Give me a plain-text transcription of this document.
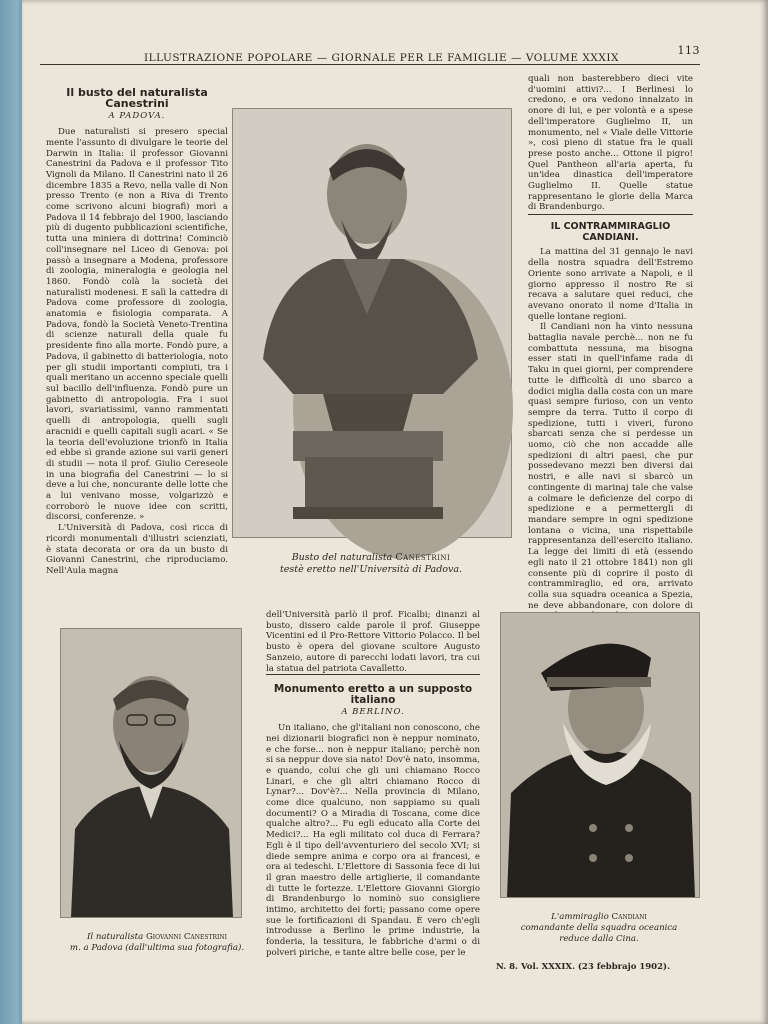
ILLUSTRAZIONE POPOLARE — GIORNALE PER LE FAMIGLIE — VOLUME XXXIX
113
Il busto del naturalista Canestrini
A PADOVA.

Due naturalisti si presero special mente l'assunto di divulgare le teorie del Darwin in Italia: il professor Giovanni Canestrini da Padova e il professor Tito Vignoli da Milano. Il Canestrini nato il 26 dicembre 1835 a Revo, nella valle di Non presso Trento (e non a Riva di Trento come scrivono alcuni biografi) morì a Padova il 14 febbrajo del 1900, lasciando più di dugento pubblicazioni scientifiche, tutta una miniera di dottrina! Cominciò coll'insegnare nel Liceo di Genova: poi passò a insegnare a Modena, professore di zoologia, mineralogia e geologia nel 1860. Fondò colà la società dei naturalisti modenesi. E salì la cattedra di Padova come professore di zoologia, anatomia e fisiologia comparata. A Padova, fondò la Società Veneto-Trentina di scienze naturali della quale fu presidente fino alla morte. Fondò pure, a Padova, il gabinetto di batteriologia, noto per gli studii importanti compiuti, tra i quali meritano un accenno speciale quelli sul bacillo dell'influenza. Fondò pure un gabinetto di antropologia. Fra i suoi lavori, svariatissimi, vanno rammentati quelli di antropologia, quelli sugli aracnidi e quelli capitali sugli acari. « Se la teoria dell'evoluzione trionfò in Italia ed ebbe sì grande azione sui varii generi di studii — nota il prof. Giulio Cereseole in una biografia del Canestrini — lo si deve a lui che, noncurante delle lotte che a lui venivano mosse, volgarizzò e corroborò le nuove idee con scritti, discorsi, conferenze. »

L'Università di Padova, così ricca di ricordi monumentali d'illustri scienziati, è stata decorata or ora da un busto di Giovanni Canestrini, che riproduciamo. Nell'Aula magna

Busto del naturalista Canestrini
testè eretto nell'Università di Padova.

quali non basterebbero dieci vite d'uomini attivi?... I Berlinesi lo credono, e ora vedono innalzato in onore di lui, e per volontà e a spese dell'imperatore Guglielmo II, un monumento, nel « Viale delle Vittorie », così pieno di statue fra le quali prese posto anche... Ottone il pigro! Quel Pantheon all'aria aperta, fu un'idea dinastica dell'imperatore Guglielmo II. Quelle statue rappresentano le glorie della Marca di Brandenburgo.

IL CONTRAMMIRAGLIO CANDIANI.

La mattina del 31 gennajo le navi della nostra squadra dell'Estremo Oriente sono arrivate a Napoli, e il giorno appresso il nostro Re si recava a salutare quei reduci, che avevano onorato il nome d'Italia in quelle lontane regioni.

Il Candiani non ha vinto nessuna battaglia navale perchè... non ne fu combattuta nessuna, ma bisogna esser stati in quell'infame rada di Taku in quei giorni, per comprendere tutte le difficoltà di uno sbarco a dodici miglia dalla costa con un mare quasi sempre furioso, con un vento sempre da terra. Tutto il corpo di spedizione, tutti i viveri, furono sbarcati senza che si perdesse un uomo, ciò che non accadde alle spedizioni di altri paesi, che pur possedevano mezzi ben diversi dai nostri, e alle navi si sbarcò un contingente di marinaj tale che valse a colmare le deficienze del corpo di spedizione e a permettergli di mandare sempre in ogni spedizione lontana o vicina, una rispettabile rappresentanza dell'esercito italiano. La legge dei limiti di età (essendo egli nato il 21 ottobre 1841) non gli consente più di coprire il posto di contrammiraglio, ed ora, arrivato colla sua squadra oceanica a Spezia, ne deve abbandonare, con dolore di

dell'Università parlò il prof. Ficalbi; dinanzi al busto, dissero calde parole il prof. Giuseppe Vicentini ed il Pro-Rettore Vittorio Polacco. Il bel busto è opera del giovane scultore Augusto Sanzeio, autore di parecchi lodati lavori, tra cui la statua del patriota Cavalletto.

Monumento eretto a un supposto italiano
A BERLINO.

Un italiano, che gl'italiani non conoscono, che nei dizionarii biografici non è neppur nominato, e che forse... non è neppur italiano; perchè non si sa neppur dove sia nato! Dov'è nato, insomma, e quando, colui che gli uni chiamano Rocco Linari, e che gli altri chiamano Rocco di Lynar?... Dov'è?... Nella provincia di Milano, come dice qualcuno, non sappiamo su quali documenti? O a Miradia di Toscana, come dice qualche altro?... Fu egli educato alla Corte dei Medici?... Ha egli militato col duca di Ferrara? Egli è il tipo dell'avventuriero del secolo XVI; si diede sempre anima e corpo ora ai francesi, e ora ai tedeschi. L'Elettore di Sassonia fece di lui il gran maestro delle artiglierie, il comandante di tutte le fortezze. L'Elettore Giovanni Giorgio di Brandenburgo lo nominò suo consigliere intimo, architetto dei forti; passano come opere sue le fortificazioni di Spandau. È vero ch'egli introdusse a Berlino le prime industrie, la fonderia, la tessitura, le fabbriche d'armi o di polveri piriche, e tante altre belle cose, per le

Il naturalista Giovanni Canestrini
m. a Padova (dall'ultima sua fotografia).
L'ammiraglio Candiani
comandante della squadra oceanica
reduce dalla Cina.
N. 8. Vol. XXXIX. (23 febbrajo 1902).
